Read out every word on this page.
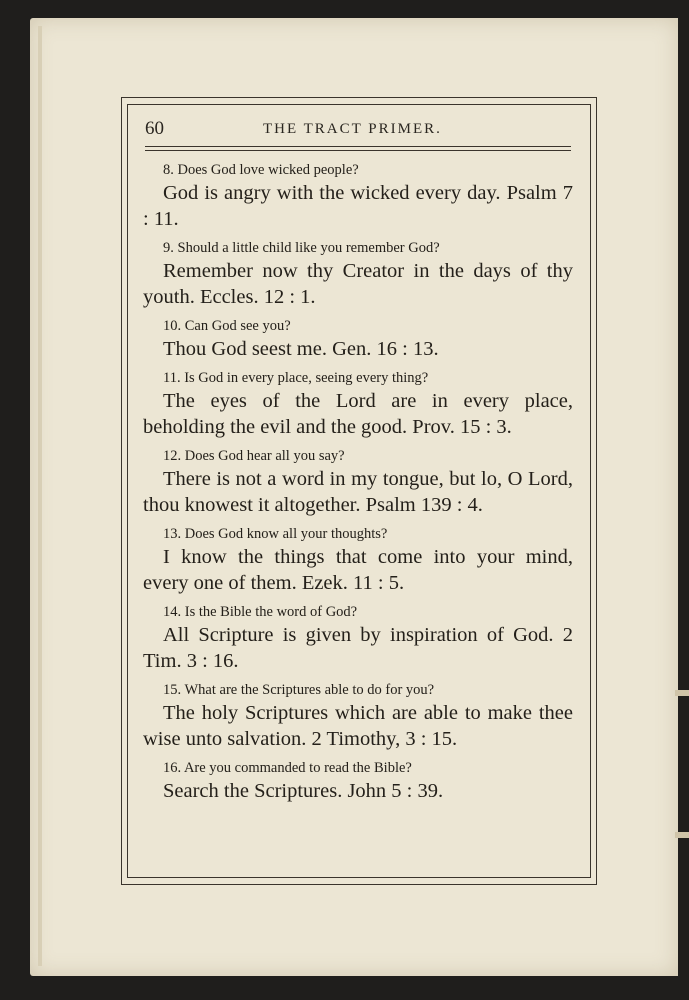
60	THE TRACT PRIMER.
8. Does God love wicked people?
God is angry with the wicked every day. Psalm 7 : 11.
9. Should a little child like you remember God?
Remember now thy Creator in the days of thy youth. Eccles. 12 : 1.
10. Can God see you?
Thou God seest me. Gen. 16 : 13.
11. Is God in every place, seeing every thing?
The eyes of the Lord are in every place, beholding the evil and the good. Prov. 15 : 3.
12. Does God hear all you say?
There is not a word in my tongue, but lo, O Lord, thou knowest it altogether. Psalm 139 : 4.
13. Does God know all your thoughts?
I know the things that come into your mind, every one of them. Ezek. 11 : 5.
14. Is the Bible the word of God?
All Scripture is given by inspiration of God. 2 Tim. 3 : 16.
15. What are the Scriptures able to do for you?
The holy Scriptures which are able to make thee wise unto salvation. 2 Timothy, 3 : 15.
16. Are you commanded to read the Bible?
Search the Scriptures. John 5 : 39.
